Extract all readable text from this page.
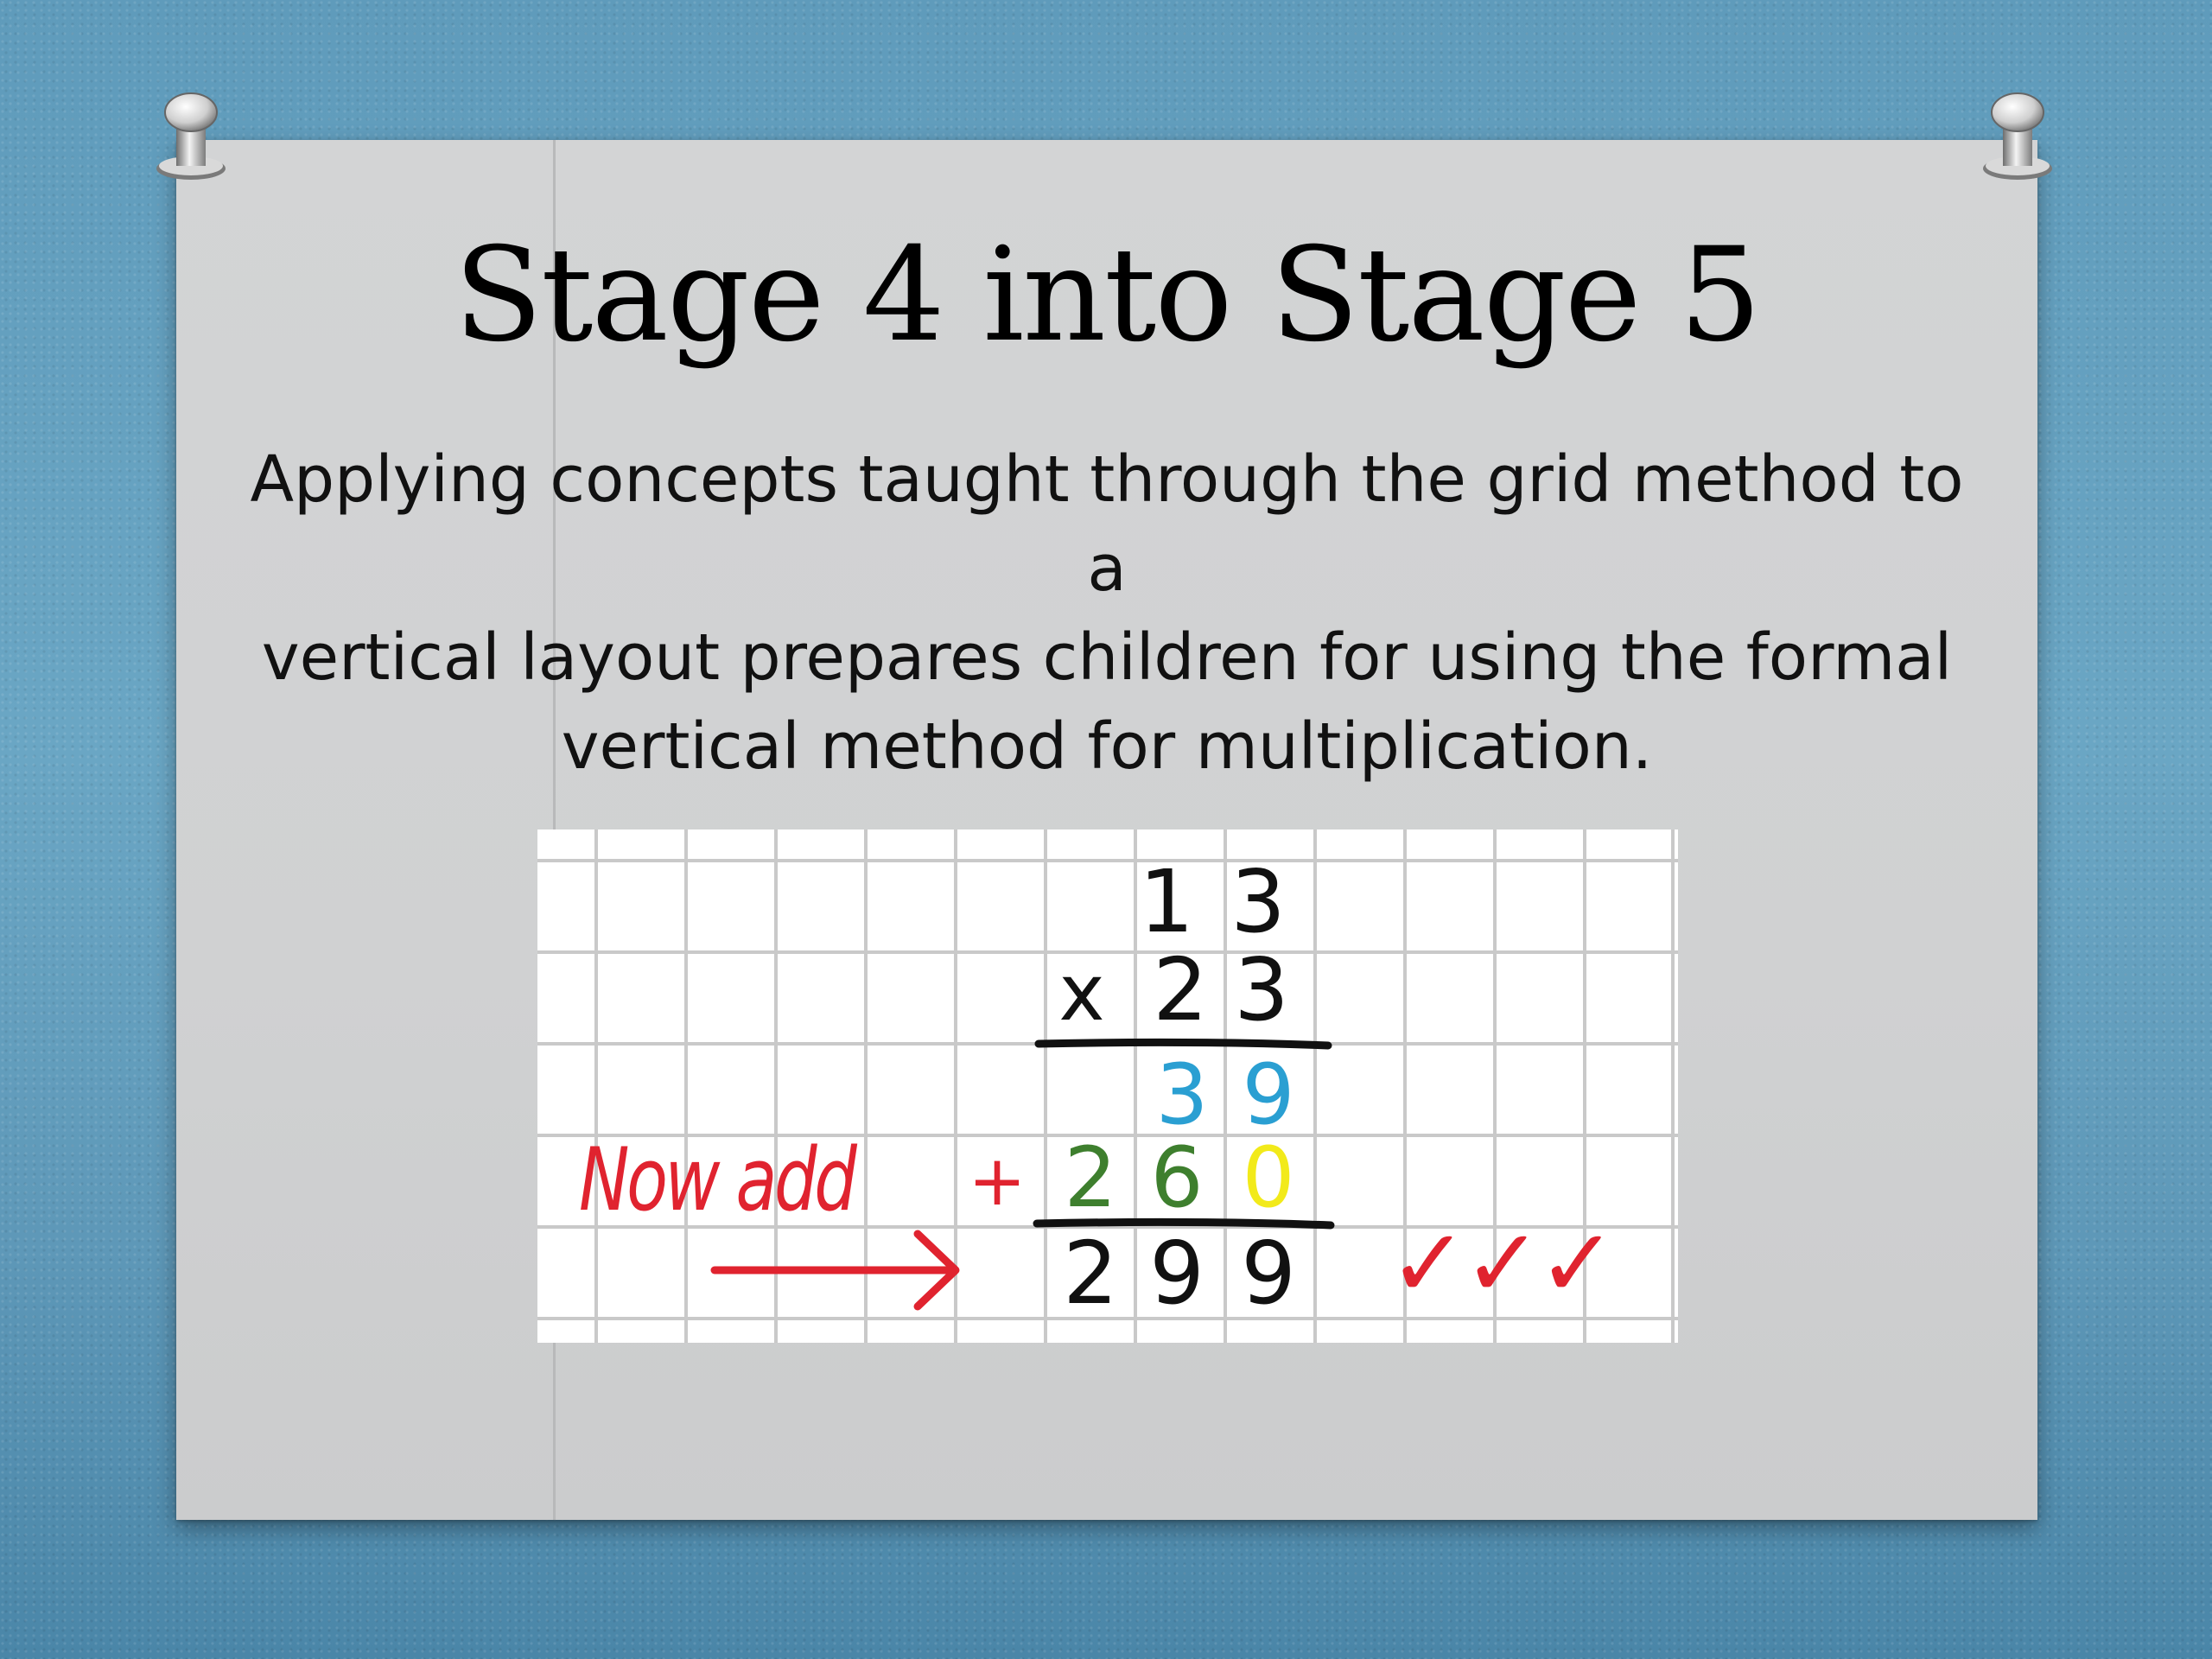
Stage 4 into Stage 5
Applying concepts taught through the grid method to a
vertical layout prepares children for using the formal
vertical method for multiplication.
1 3
x 2 3
3 9
+ 2 6 0
2 9 9
Now add
✓✓✓
